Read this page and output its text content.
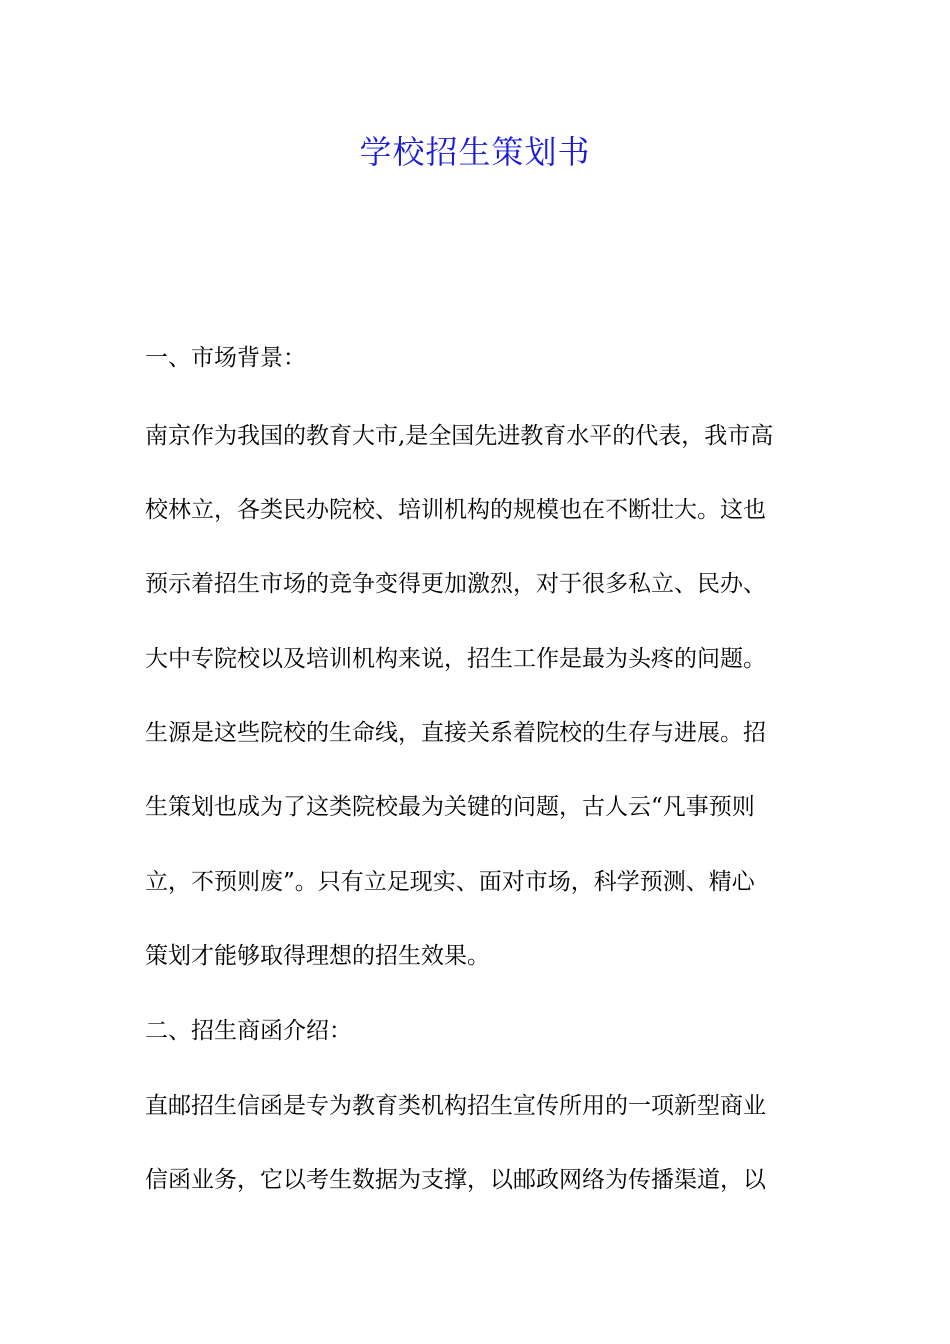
学校招生策划书
一、市场背景：
南京作为我国的教育大市,是全国先进教育水平的代表，我市高
校林立，各类民办院校、培训机构的规模也在不断壮大。这也
预示着招生市场的竞争变得更加激烈，对于很多私立、民办、
大中专院校以及培训机构来说，招生工作是最为头疼的问题。
生源是这些院校的生命线，直接关系着院校的生存与进展。招
生策划也成为了这类院校最为关键的问题，古人云“凡事预则
立，不预则废”。只有立足现实、面对市场，科学预测、精心
策划才能够取得理想的招生效果。
二、招生商函介绍：
直邮招生信函是专为教育类机构招生宣传所用的一项新型商业
信函业务，它以考生数据为支撑，以邮政网络为传播渠道，以
